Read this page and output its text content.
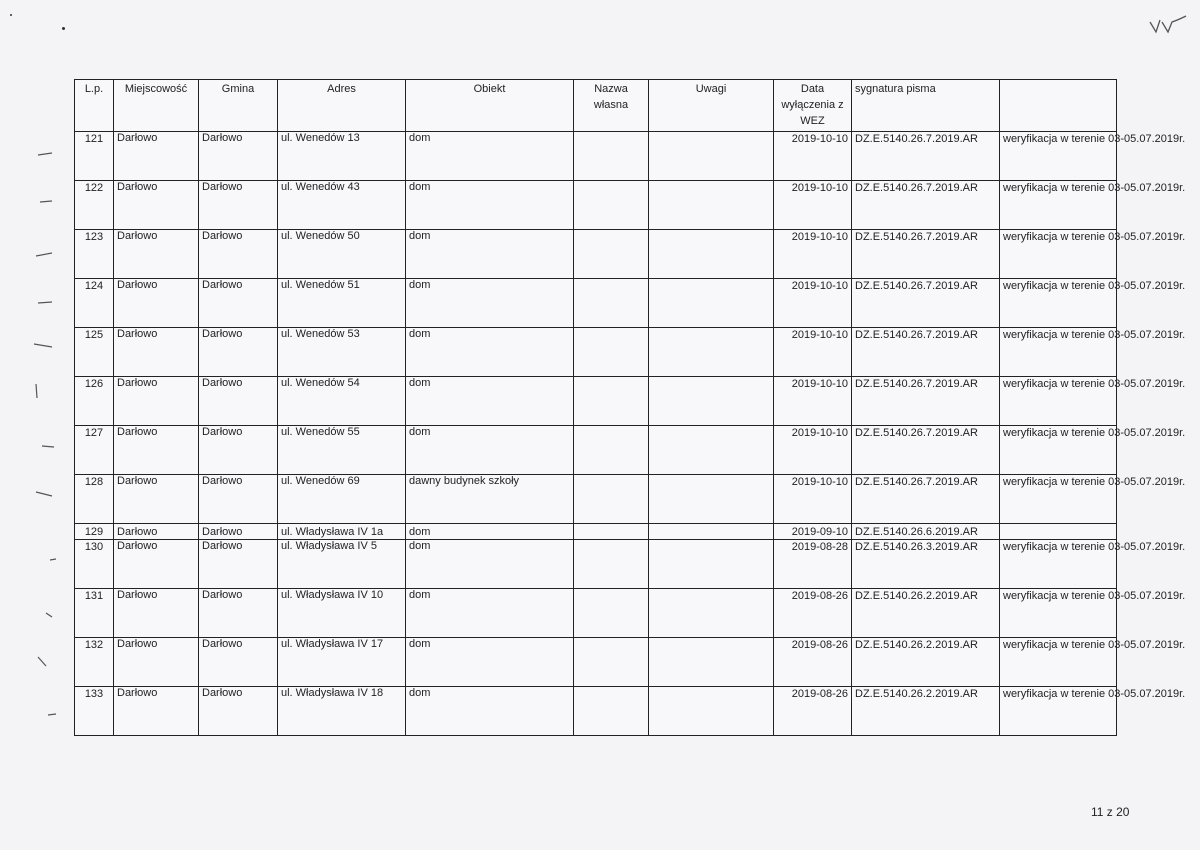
L.p.	Miejscowość	Gmina	Adres	Obiekt	Nazwa własna	Uwagi	Data wyłączenia z WEZ	sygnatura pisma	
121	Darłowo	Darłowo	ul. Wenedów 13	dom			2019-10-10	DZ.E.5140.26.7.2019.AR	weryfikacja w terenie 03-05.07.2019r.
122	Darłowo	Darłowo	ul. Wenedów 43	dom			2019-10-10	DZ.E.5140.26.7.2019.AR	weryfikacja w terenie 03-05.07.2019r.
123	Darłowo	Darłowo	ul. Wenedów 50	dom			2019-10-10	DZ.E.5140.26.7.2019.AR	weryfikacja w terenie 03-05.07.2019r.
124	Darłowo	Darłowo	ul. Wenedów 51	dom			2019-10-10	DZ.E.5140.26.7.2019.AR	weryfikacja w terenie 03-05.07.2019r.
125	Darłowo	Darłowo	ul. Wenedów 53	dom			2019-10-10	DZ.E.5140.26.7.2019.AR	weryfikacja w terenie 03-05.07.2019r.
126	Darłowo	Darłowo	ul. Wenedów 54	dom			2019-10-10	DZ.E.5140.26.7.2019.AR	weryfikacja w terenie 03-05.07.2019r.
127	Darłowo	Darłowo	ul. Wenedów 55	dom			2019-10-10	DZ.E.5140.26.7.2019.AR	weryfikacja w terenie 03-05.07.2019r.
128	Darłowo	Darłowo	ul. Wenedów 69	dawny budynek szkoły			2019-10-10	DZ.E.5140.26.7.2019.AR	weryfikacja w terenie 03-05.07.2019r.
129	Darłowo	Darłowo	ul. Władysława IV 1a	dom			2019-09-10	DZ.E.5140.26.6.2019.AR	
130	Darłowo	Darłowo	ul. Władysława IV 5	dom			2019-08-28	DZ.E.5140.26.3.2019.AR	weryfikacja w terenie 03-05.07.2019r.
131	Darłowo	Darłowo	ul. Władysława IV 10	dom			2019-08-26	DZ.E.5140.26.2.2019.AR	weryfikacja w terenie 03-05.07.2019r.
132	Darłowo	Darłowo	ul. Władysława IV 17	dom			2019-08-26	DZ.E.5140.26.2.2019.AR	weryfikacja w terenie 03-05.07.2019r.
133	Darłowo	Darłowo	ul. Władysława IV 18	dom			2019-08-26	DZ.E.5140.26.2.2019.AR	weryfikacja w terenie 03-05.07.2019r.
11 z 20
